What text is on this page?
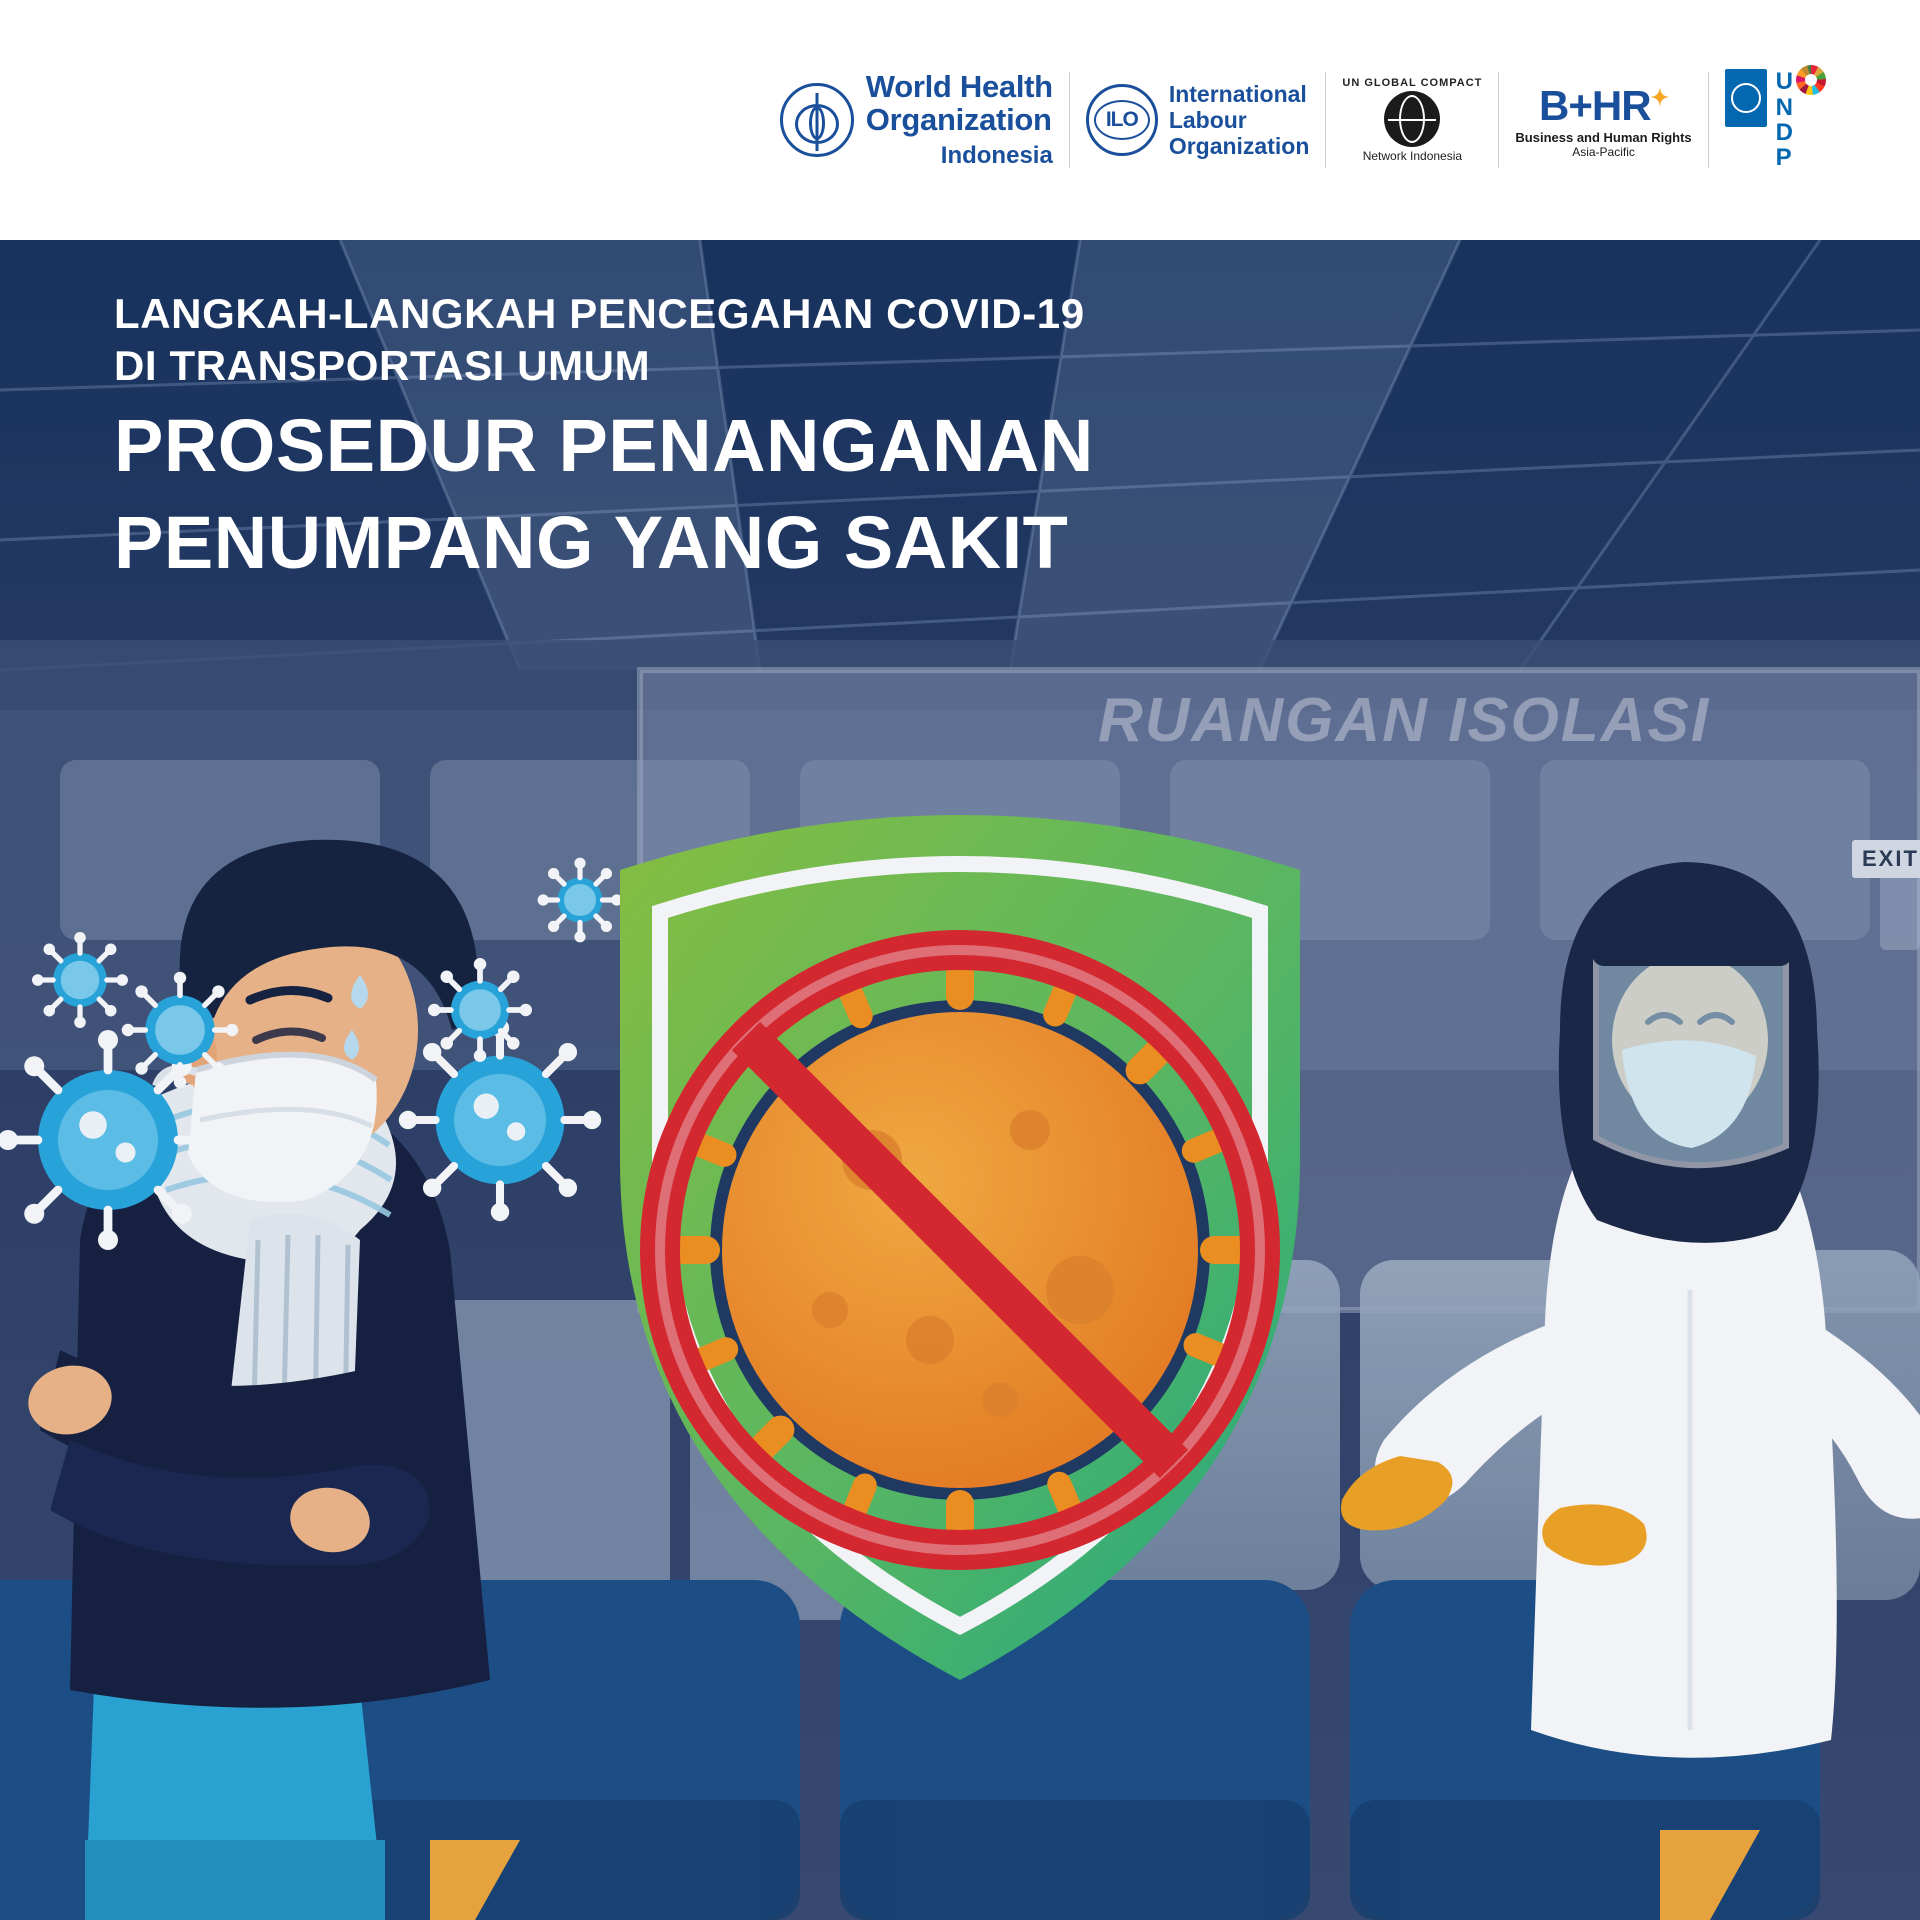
World Health
Organization
Indonesia
ILO
International
Labour
Organization
UN GLOBAL COMPACT
Network Indonesia
B+HR✦
Business and Human Rights
Asia-Pacific
U
N
D
P
LANGKAH-LANGKAH PENCEGAHAN COVID-19
DI TRANSPORTASI UMUM
PROSEDUR PENANGANAN
PENUMPANG YANG SAKIT
RUANGAN ISOLASI
EXIT
